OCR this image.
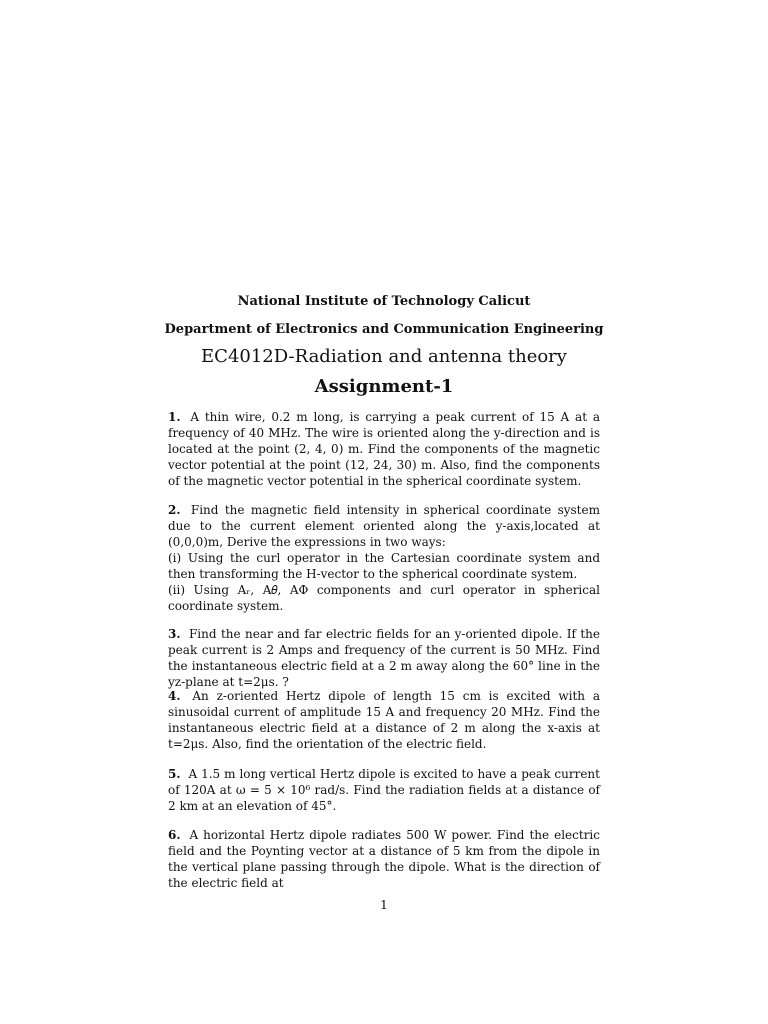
National Institute of Technology Calicut
Department of Electronics and Communication Engineering
EC4012D-Radiation and antenna theory
Assignment-1
1. A thin wire, 0.2 m long, is carrying a peak current of 15 A at a frequency of 40 MHz. The wire is oriented along the y-direction and is located at the point (2, 4, 0) m. Find the components of the magnetic vector potential at the point (12, 24, 30) m. Also, find the components of the magnetic vector potential in the spherical coordinate system.
2. Find the magnetic field intensity in spherical coordinate system due to the current element oriented along the y-axis,located at (0,0,0)m, Derive the expressions in two ways:
(i) Using the curl operator in the Cartesian coordinate system and then transforming the H-vector to the spherical coordinate system.
(ii) Using Aᵣ, A𝜃, AΦ components and curl operator in spherical coordinate system.
3. Find the near and far electric fields for an y-oriented dipole. If the peak current is 2 Amps and frequency of the current is 50 MHz. Find the instantaneous electric field at a 2 m away along the 60° line in the yz-plane at t=2μs. ?
4. An z-oriented Hertz dipole of length 15 cm is excited with a sinusoidal current of amplitude 15 A and frequency 20 MHz. Find the instantaneous electric field at a distance of 2 m along the x-axis at t=2μs. Also, find the orientation of the electric field.
5. A 1.5 m long vertical Hertz dipole is excited to have a peak current of 120A at ω = 5 × 10⁶ rad/s. Find the radiation fields at a distance of 2 km at an elevation of 45°.
6. A horizontal Hertz dipole radiates 500 W power. Find the electric field and the Poynting vector at a distance of 5 km from the dipole in the vertical plane passing through the dipole. What is the direction of the electric field at
1
